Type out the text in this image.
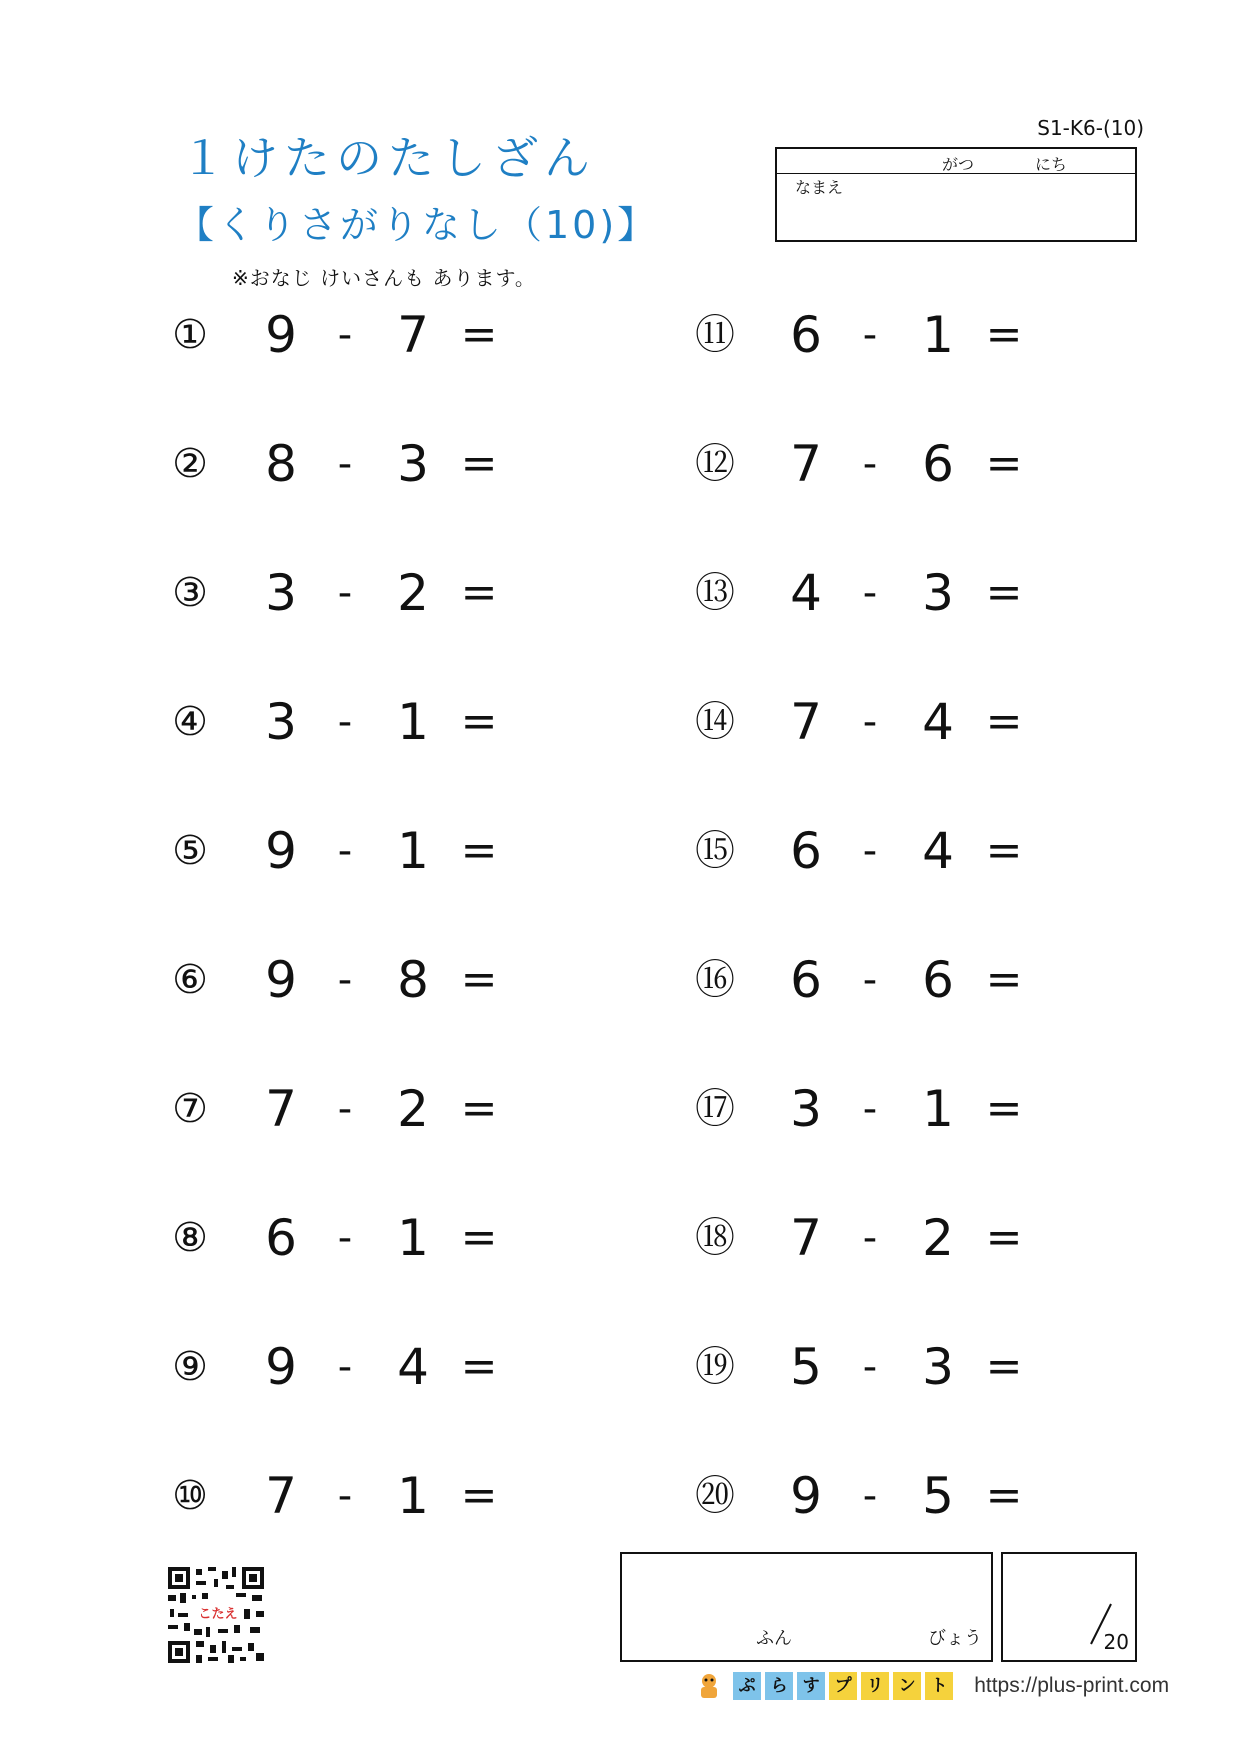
１けたのたしざん
【くりさがりなし（10)】
※おなじ けいさんも あります。
S1-K6-(10)
がつ	にち
なまえ
① 9	- 7 =
② 8	- 3 =
③ 3	- 2 =
④ 3	- 1 =
⑤ 9	- 1 =
⑥ 9	- 8 =
⑦ 7	- 2 =
⑧ 6	- 1 =
⑨ 9	- 4 =
⑩ 7	- 1 =
⑪ 6	- 1 =
⑫ 7	- 6 =
⑬ 4	- 3 =
⑭ 7	- 4 =
⑮ 6	- 4 =
⑯ 6	- 6 =
⑰ 3	- 1 =
⑱ 7	- 2 =
⑲ 5	- 3 =
⑳ 9	- 5 =
こたえ
ふん	びょう	20
ぷ ら す プ リ ン ト https://plus-print.com
